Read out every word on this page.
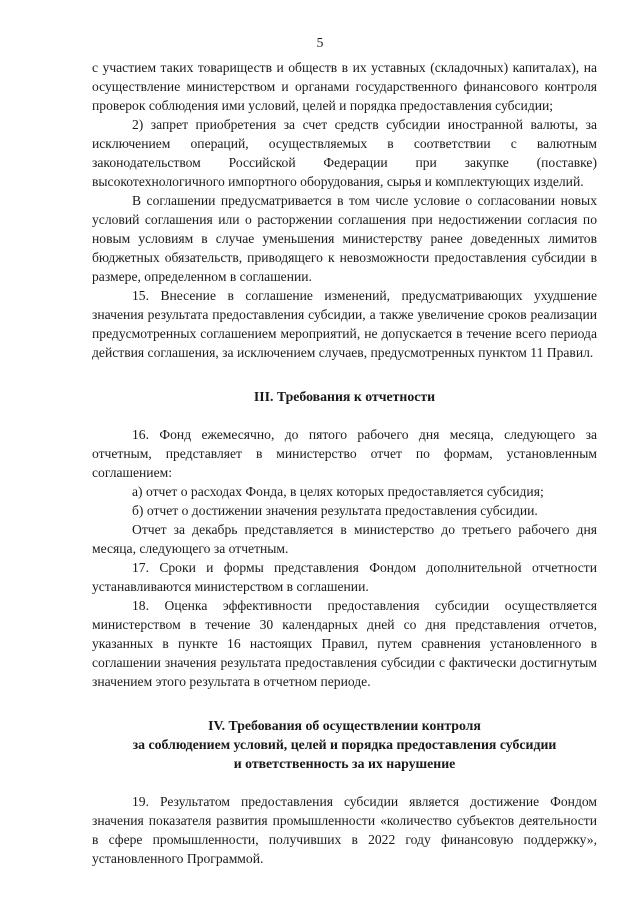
5

с участием таких товариществ и обществ в их уставных (складочных) капиталах), на осуществление министерством и органами государственного финансового контроля проверок соблюдения ими условий, целей и порядка предоставления субсидии;

2) запрет приобретения за счет средств субсидии иностранной валюты, за исключением операций, осуществляемых в соответствии с валютным законодательством Российской Федерации при закупке (поставке) высокотехнологичного импортного оборудования, сырья и комплектующих изделий.

В соглашении предусматривается в том числе условие о согласовании новых условий соглашения или о расторжении соглашения при недостижении согласия по новым условиям в случае уменьшения министерству ранее доведенных лимитов бюджетных обязательств, приводящего к невозможности предоставления субсидии в размере, определенном в соглашении.

15. Внесение в соглашение изменений, предусматривающих ухудшение значения результата предоставления субсидии, а также увеличение сроков реализации предусмотренных соглашением мероприятий, не допускается в течение всего периода действия соглашения, за исключением случаев, предусмотренных пунктом 11 Правил.

III. Требования к отчетности

16. Фонд ежемесячно, до пятого рабочего дня месяца, следующего за отчетным, представляет в министерство отчет по формам, установленным соглашением:

а) отчет о расходах Фонда, в целях которых предоставляется субсидия;

б) отчет о достижении значения результата предоставления субсидии.

Отчет за декабрь представляется в министерство до третьего рабочего дня месяца, следующего за отчетным.

17. Сроки и формы представления Фондом дополнительной отчетности устанавливаются министерством в соглашении.

18. Оценка эффективности предоставления субсидии осуществляется министерством в течение 30 календарных дней со дня представления отчетов, указанных в пункте 16 настоящих Правил, путем сравнения установленного в соглашении значения результата предоставления субсидии с фактически достигнутым значением этого результата в отчетном периоде.

IV. Требования об осуществлении контроля
за соблюдением условий, целей и порядка предоставления субсидии
и ответственность за их нарушение

19. Результатом предоставления субсидии является достижение Фондом значения показателя развития промышленности «количество субъектов деятельности в сфере промышленности, получивших в 2022 году финансовую поддержку», установленного Программой.
